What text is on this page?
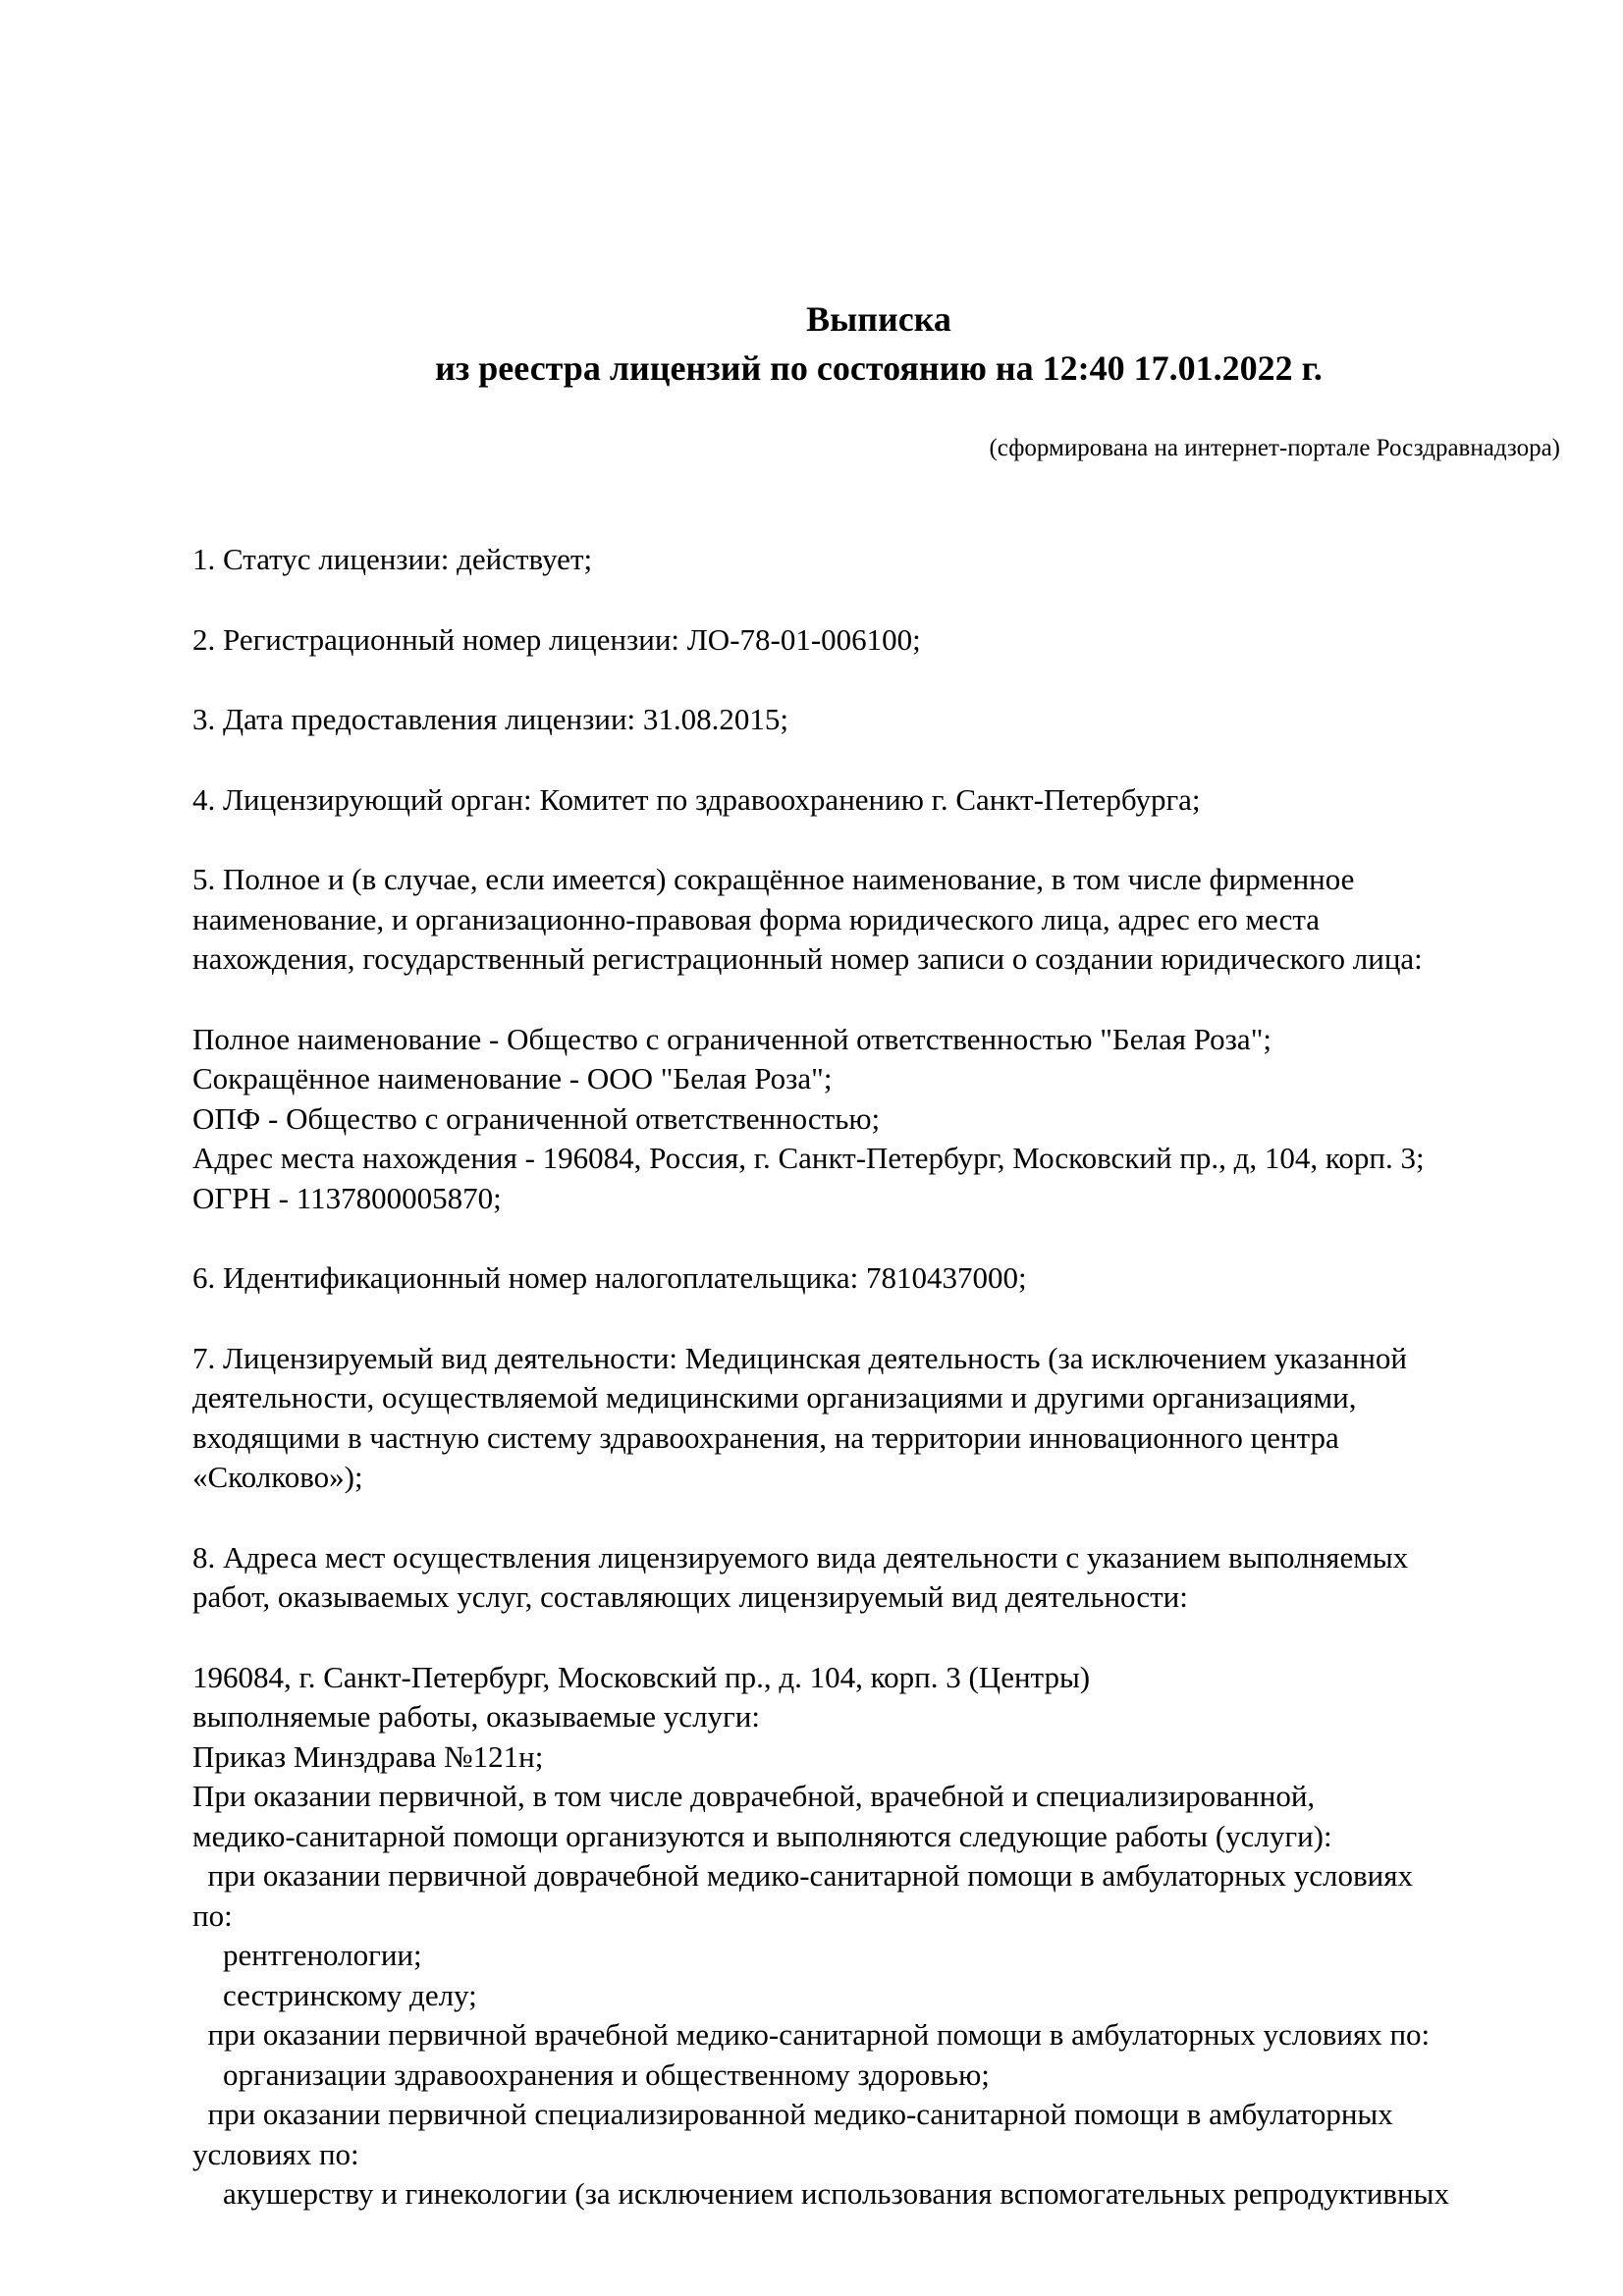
Выписка
из реестра лицензий по состоянию на 12:40 17.01.2022 г.
(сформирована на интернет-портале Росздравнадзора)

1. Статус лицензии: действует;

2. Регистрационный номер лицензии: ЛО-78-01-006100;

3. Дата предоставления лицензии: 31.08.2015;

4. Лицензирующий орган: Комитет по здравоохранению г. Санкт-Петербурга;

5. Полное и (в случае, если имеется) сокращённое наименование, в том числе фирменное

наименование, и организационно-правовая форма юридического лица, адрес его места

нахождения, государственный регистрационный номер записи о создании юридического лица:

Полное наименование - Общество с ограниченной ответственностью "Белая Роза";

Сокращённое наименование - ООО "Белая Роза";

ОПФ - Общество с ограниченной ответственностью;

Адрес места нахождения - 196084, Россия, г. Санкт-Петербург, Московский пр., д, 104, корп. 3;

ОГРН - 1137800005870;

6. Идентификационный номер налогоплательщика: 7810437000;

7. Лицензируемый вид деятельности: Медицинская деятельность (за исключением указанной

деятельности, осуществляемой медицинскими организациями и другими организациями,

входящими в частную систему здравоохранения, на территории инновационного центра

«Сколково»);

8. Адреса мест осуществления лицензируемого вида деятельности с указанием выполняемых

работ, оказываемых услуг, составляющих лицензируемый вид деятельности:

196084, г. Санкт-Петербург, Московский пр., д. 104, корп. 3 (Центры)

выполняемые работы, оказываемые услуги:

Приказ Минздрава №121н;

При оказании первичной, в том числе доврачебной, врачебной и специализированной,

медико-санитарной помощи организуются и выполняются следующие работы (услуги):

при оказании первичной доврачебной медико-санитарной помощи в амбулаторных условиях

по:

рентгенологии;

сестринскому делу;

при оказании первичной врачебной медико-санитарной помощи в амбулаторных условиях по:

организации здравоохранения и общественному здоровью;

при оказании первичной специализированной медико-санитарной помощи в амбулаторных

условиях по:

акушерству и гинекологии (за исключением использования вспомогательных репродуктивных
